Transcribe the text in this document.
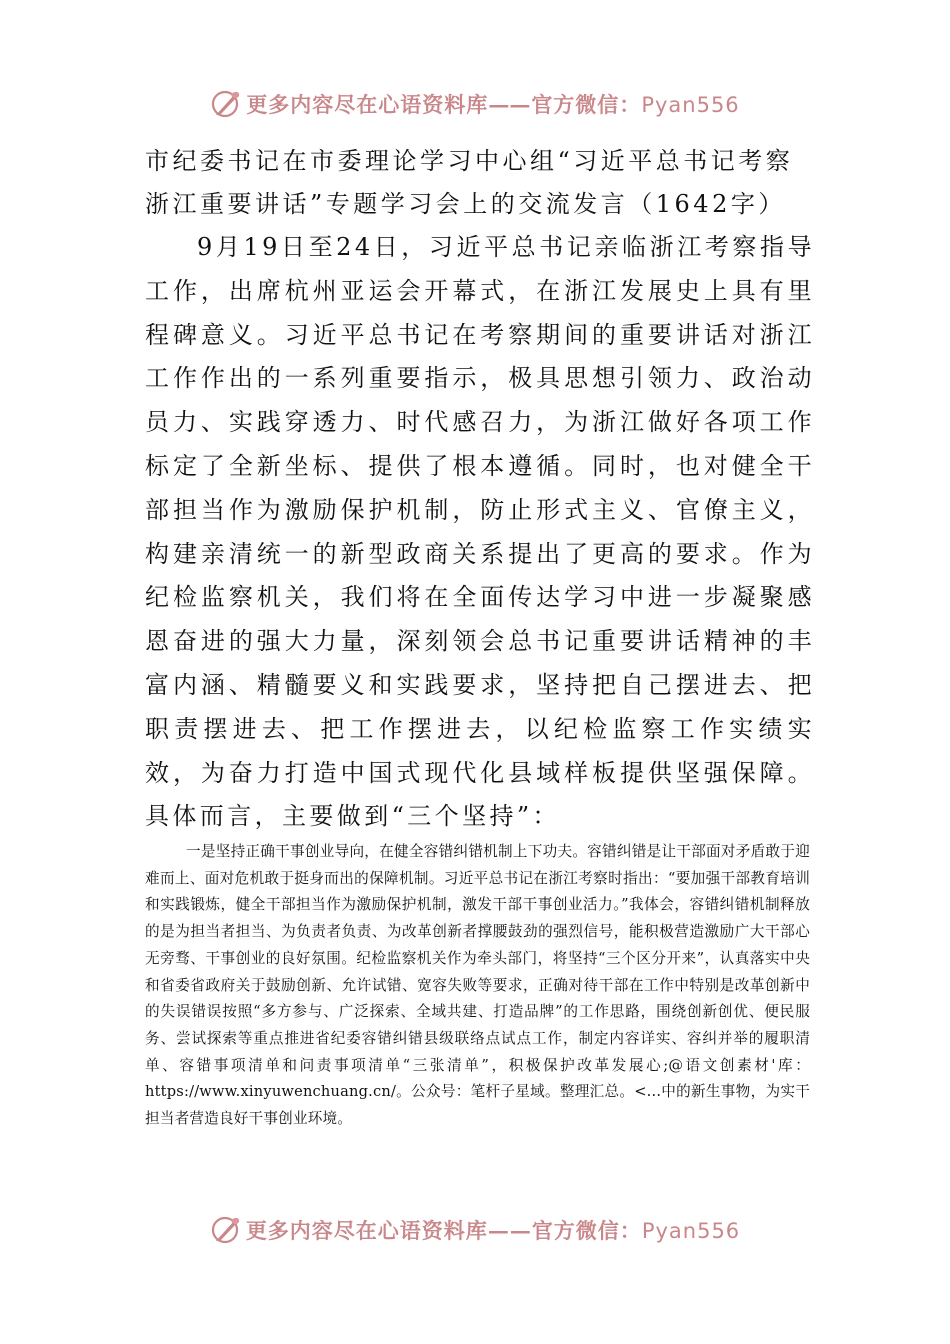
更多内容尽在心语资料库——官方微信：Pyan556
市纪委书记在市委理论学习中心组“习近平总书记考察浙江重要讲话”专题学习会上的交流发言（1642字）

9月19日至24日，习近平总书记亲临浙江考察指导工作，出席杭州亚运会开幕式，在浙江发展史上具有里程碑意义。习近平总书记在考察期间的重要讲话对浙江工作作出的一系列重要指示，极具思想引领力、政治动员力、实践穿透力、时代感召力，为浙江做好各项工作标定了全新坐标、提供了根本遵循。同时，也对健全干部担当作为激励保护机制，防止形式主义、官僚主义，构建亲清统一的新型政商关系提出了更高的要求。作为纪检监察机关，我们将在全面传达学习中进一步凝聚感恩奋进的强大力量，深刻领会总书记重要讲话精神的丰富内涵、精髓要义和实践要求，坚持把自己摆进去、把职责摆进去、把工作摆进去，以纪检监察工作实绩实效，为奋力打造中国式现代化县域样板提供坚强保障。具体而言，主要做到“三个坚持”：

一是坚持正确干事创业导向，在健全容错纠错机制上下功夫。容错纠错是让干部面对矛盾敢于迎难而上、面对危机敢于挺身而出的保障机制。习近平总书记在浙江考察时指出：“要加强干部教育培训和实践锻炼，健全干部担当作为激励保护机制，激发干部干事创业活力。”我体会，容错纠错机制释放的是为担当者担当、为负责者负责、为改革创新者撑腰鼓劲的强烈信号，能积极营造激励广大干部心无旁骛、干事创业的良好氛围。纪检监察机关作为牵头部门，将坚持“三个区分开来”，认真落实中央和省委省政府关于鼓励创新、允许试错、宽容失败等要求，正确对待干部在工作中特别是改革创新中的失误错误按照“多方参与、广泛探索、全域共建、打造品牌”的工作思路，围绕创新创优、便民服务、尝试探索等重点推进省纪委容错纠错县级联络点试点工作，制定内容详实、容纠并举的履职清单、容错事项清单和问责事项清单“三张清单”，积极保护改革发展心;@语文创素材'库：https://www.xinyuwenchuang.cn/。公众号：笔杆子星域。整理汇总。<...中的新生事物，为实干担当者营造良好干事创业环境。

更多内容尽在心语资料库——官方微信：Pyan556
